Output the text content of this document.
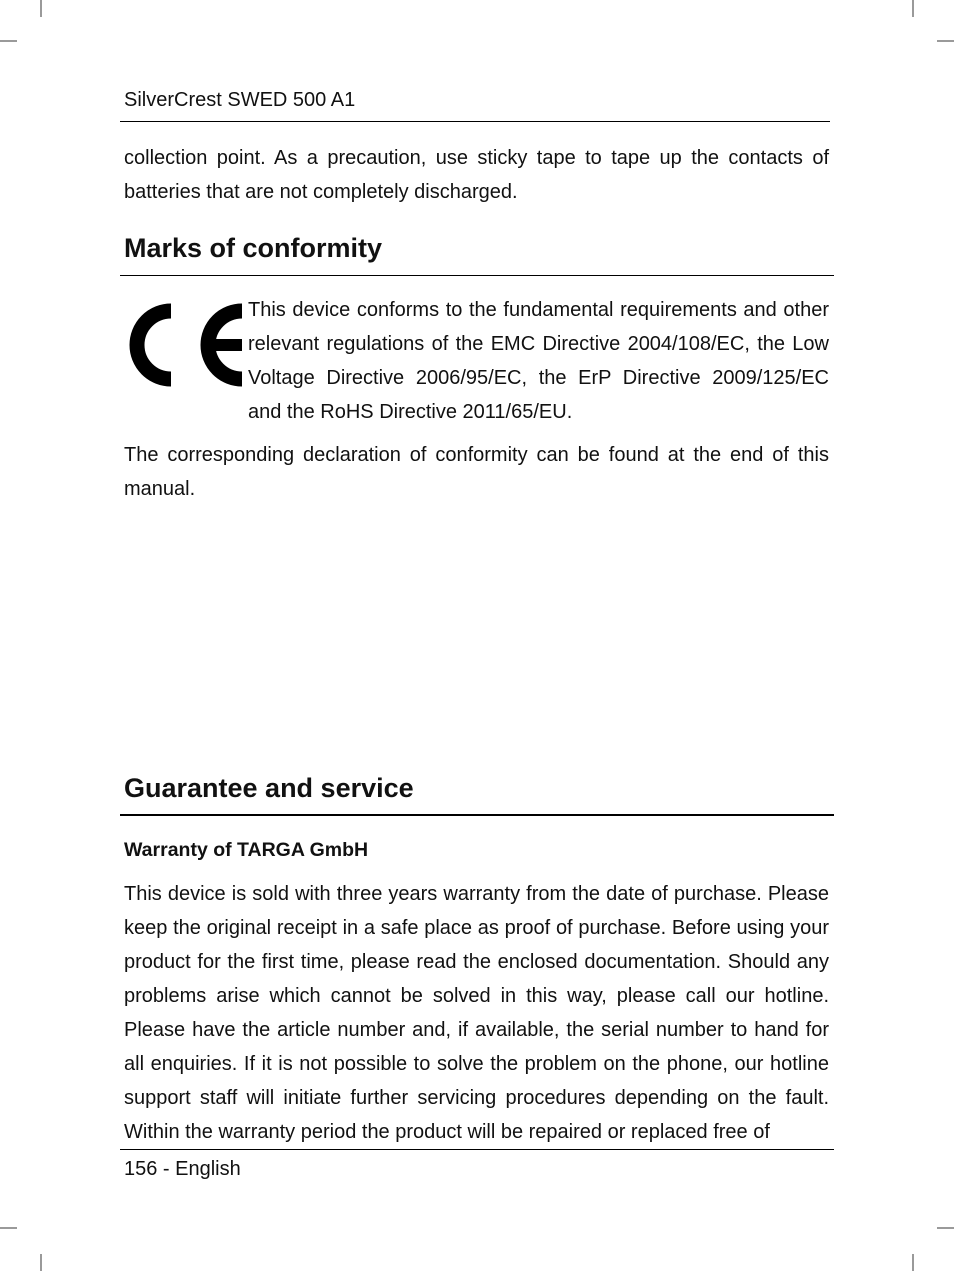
SilverCrest SWED 500 A1

collection point. As a precaution, use sticky tape to tape up the contacts of batteries that are not completely discharged.

Marks of conformity

This device conforms to the fundamental requirements and other relevant regulations of the EMC Directive 2004/108/EC, the Low Voltage Directive 2006/95/EC, the ErP Directive 2009/125/EC and the RoHS Directive 2011/65/EU.

The corresponding declaration of conformity can be found at the end of this manual.

Guarantee and service
Warranty of TARGA GmbH

This device is sold with three years warranty from the date of purchase. Please keep the original receipt in a safe place as proof of purchase. Before using your product for the first time, please read the enclosed documentation. Should any problems arise which cannot be solved in this way, please call our hotline. Please have the article number and, if available, the serial number to hand for all enquiries. If it is not possible to solve the problem on the phone, our hotline support staff will initiate further servicing procedures depending on the fault. Within the warranty period the product will be repaired or replaced free of

156 - English
